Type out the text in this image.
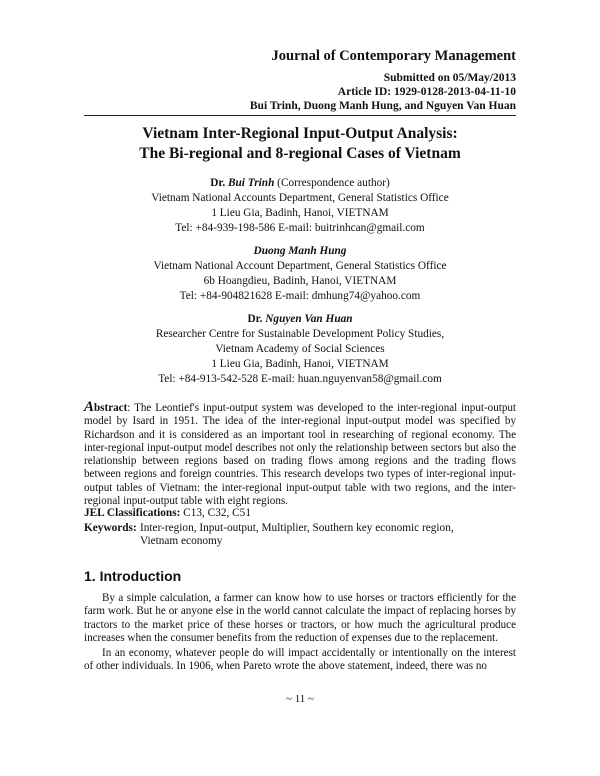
Journal of Contemporary Management
Submitted on 05/May/2013
Article ID: 1929-0128-2013-04-11-10
Bui Trinh, Duong Manh Hung, and Nguyen Van Huan
Vietnam Inter-Regional Input-Output Analysis:
The Bi-regional and 8-regional Cases of Vietnam
Dr. Bui Trinh (Correspondence author)
Vietnam National Accounts Department, General Statistics Office
1 Lieu Gia, Badinh, Hanoi, VIETNAM
Tel: +84-939-198-586 E-mail: buitrinhcan@gmail.com
Duong Manh Hung
Vietnam National Account Department, General Statistics Office
6b Hoangdieu, Badinh, Hanoi, VIETNAM
Tel: +84-904821628 E-mail: dmhung74@yahoo.com
Dr. Nguyen Van Huan
Researcher Centre for Sustainable Development Policy Studies,
Vietnam Academy of Social Sciences
1 Lieu Gia, Badinh, Hanoi, VIETNAM
Tel: +84-913-542-528 E-mail: huan.nguyenvan58@gmail.com
Abstract: The Leontief's input-output system was developed to the inter-regional input-output model by Isard in 1951. The idea of the inter-regional input-output model was specified by Richardson and it is considered as an important tool in researching of regional economy. The inter-regional input-output model describes not only the relationship between sectors but also the relationship between regions based on trading flows among regions and the trading flows between regions and foreign countries. This research develops two types of inter-regional input-output tables of Vietnam: the inter-regional input-output table with two regions, and the inter-regional input-output table with eight regions.
JEL Classifications: C13, C32, C51
Keywords: Inter-region, Input-output, Multiplier, Southern key economic region, Vietnam economy
1. Introduction
By a simple calculation, a farmer can know how to use horses or tractors efficiently for the farm work. But he or anyone else in the world cannot calculate the impact of replacing horses by tractors to the market price of these horses or tractors, or how much the agricultural produce increases when the consumer benefits from the reduction of expenses due to the replacement.
In an economy, whatever people do will impact accidentally or intentionally on the interest of other individuals. In 1906, when Pareto wrote the above statement, indeed, there was no
~ 11 ~
